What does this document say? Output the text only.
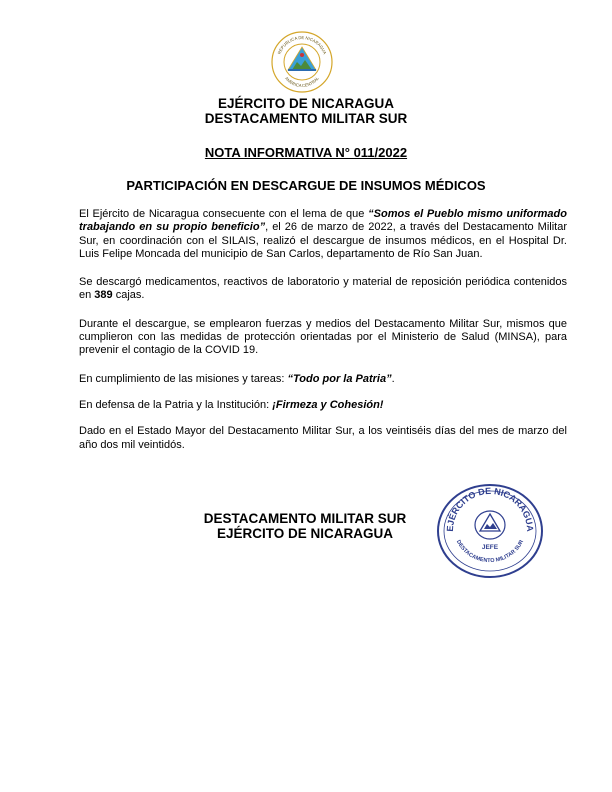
REPUBLICA DE NICARAGUA
AMERICA CENTRAL
EJÉRCITO DE NICARAGUA
DESTACAMENTO MILITAR SUR
NOTA INFORMATIVA N° 011/2022
PARTICIPACIÓN EN DESCARGUE DE INSUMOS MÉDICOS

El Ejército de Nicaragua consecuente con el lema de que “Somos el Pueblo mismo uniformado trabajando en su propio beneficio”, el 26 de marzo de 2022, a través del Destacamento Militar Sur, en coordinación con el SILAIS, realizó el descargue de insumos médicos, en el Hospital Dr. Luis Felipe Moncada del municipio de San Carlos, departamento de Río San Juan.

Se descargó medicamentos, reactivos de laboratorio y material de reposición periódica contenidos en 389 cajas.

Durante el descargue, se emplearon fuerzas y medios del Destacamento Militar Sur, mismos que cumplieron con las medidas de protección orientadas por el Ministerio de Salud (MINSA), para prevenir el contagio de la COVID 19.

En cumplimiento de las misiones y tareas: “Todo por la Patria”.

En defensa de la Patria y la Institución: ¡Firmeza y Cohesión!

Dado en el Estado Mayor del Destacamento Militar Sur, a los veintiséis días del mes de marzo del año dos mil veintidós.

DESTACAMENTO MILITAR SUR
EJÉRCITO DE NICARAGUA	EJÉRCITO DE NICARAGUA
DESTACAMENTO MILITAR SUR
JEFE
